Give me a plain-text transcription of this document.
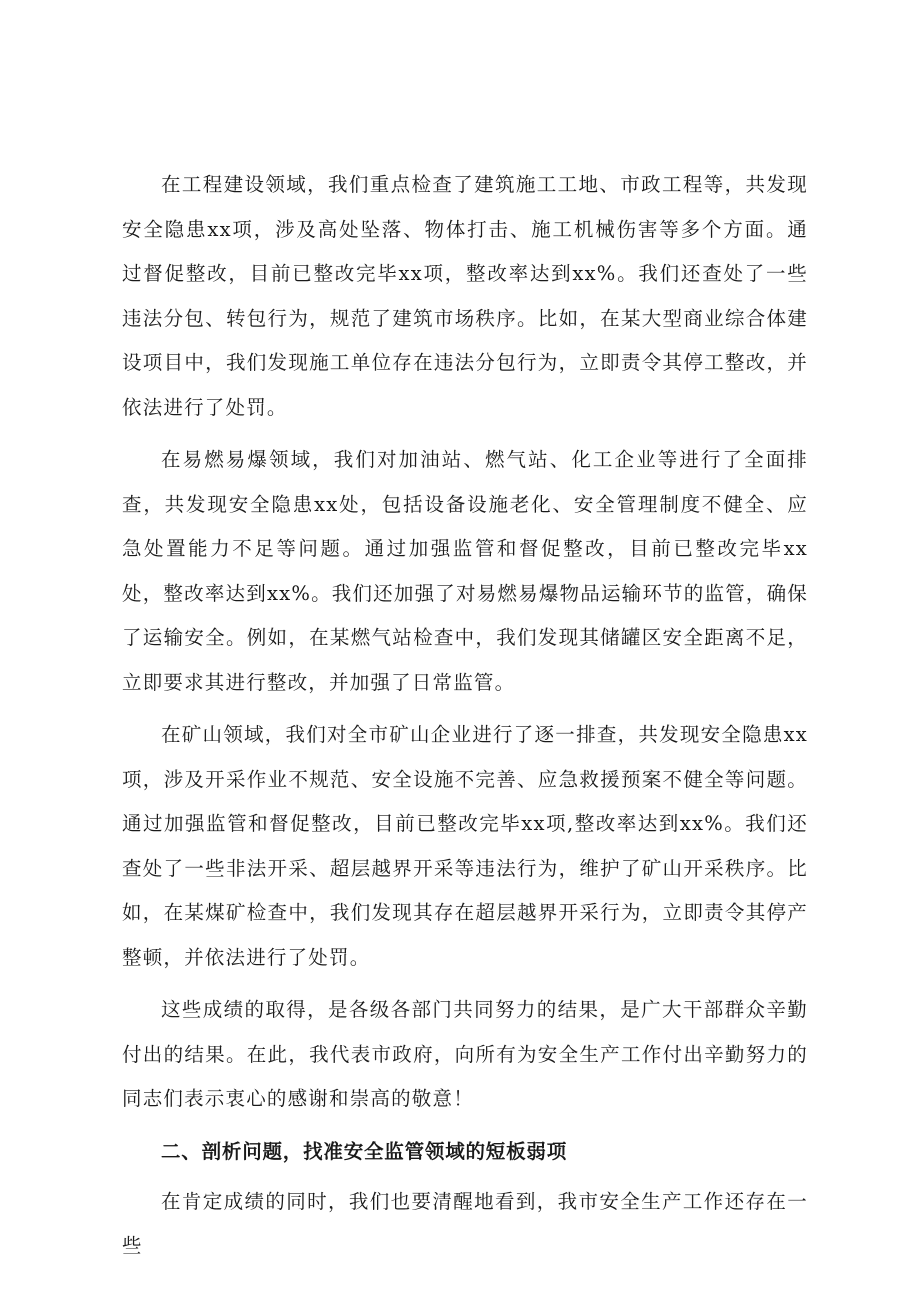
在工程建设领域，我们重点检查了建筑施工工地、市政工程等，共发现安全隐患xx项，涉及高处坠落、物体打击、施工机械伤害等多个方面。通过督促整改，目前已整改完毕xx项，整改率达到xx%。我们还查处了一些违法分包、转包行为，规范了建筑市场秩序。比如，在某大型商业综合体建设项目中，我们发现施工单位存在违法分包行为，立即责令其停工整改，并依法进行了处罚。

在易燃易爆领域，我们对加油站、燃气站、化工企业等进行了全面排查，共发现安全隐患xx处，包括设备设施老化、安全管理制度不健全、应急处置能力不足等问题。通过加强监管和督促整改，目前已整改完毕xx处，整改率达到xx%。我们还加强了对易燃易爆物品运输环节的监管，确保了运输安全。例如，在某燃气站检查中，我们发现其储罐区安全距离不足，立即要求其进行整改，并加强了日常监管。

在矿山领域，我们对全市矿山企业进行了逐一排查，共发现安全隐患xx项，涉及开采作业不规范、安全设施不完善、应急救援预案不健全等问题。通过加强监管和督促整改，目前已整改完毕xx项,整改率达到xx%。我们还查处了一些非法开采、超层越界开采等违法行为，维护了矿山开采秩序。比如，在某煤矿检查中，我们发现其存在超层越界开采行为，立即责令其停产整顿，并依法进行了处罚。

这些成绩的取得，是各级各部门共同努力的结果，是广大干部群众辛勤付出的结果。在此，我代表市政府，向所有为安全生产工作付出辛勤努力的同志们表示衷心的感谢和崇高的敬意！

二、剖析问题，找准安全监管领域的短板弱项

在肯定成绩的同时，我们也要清醒地看到，我市安全生产工作还存在一些
